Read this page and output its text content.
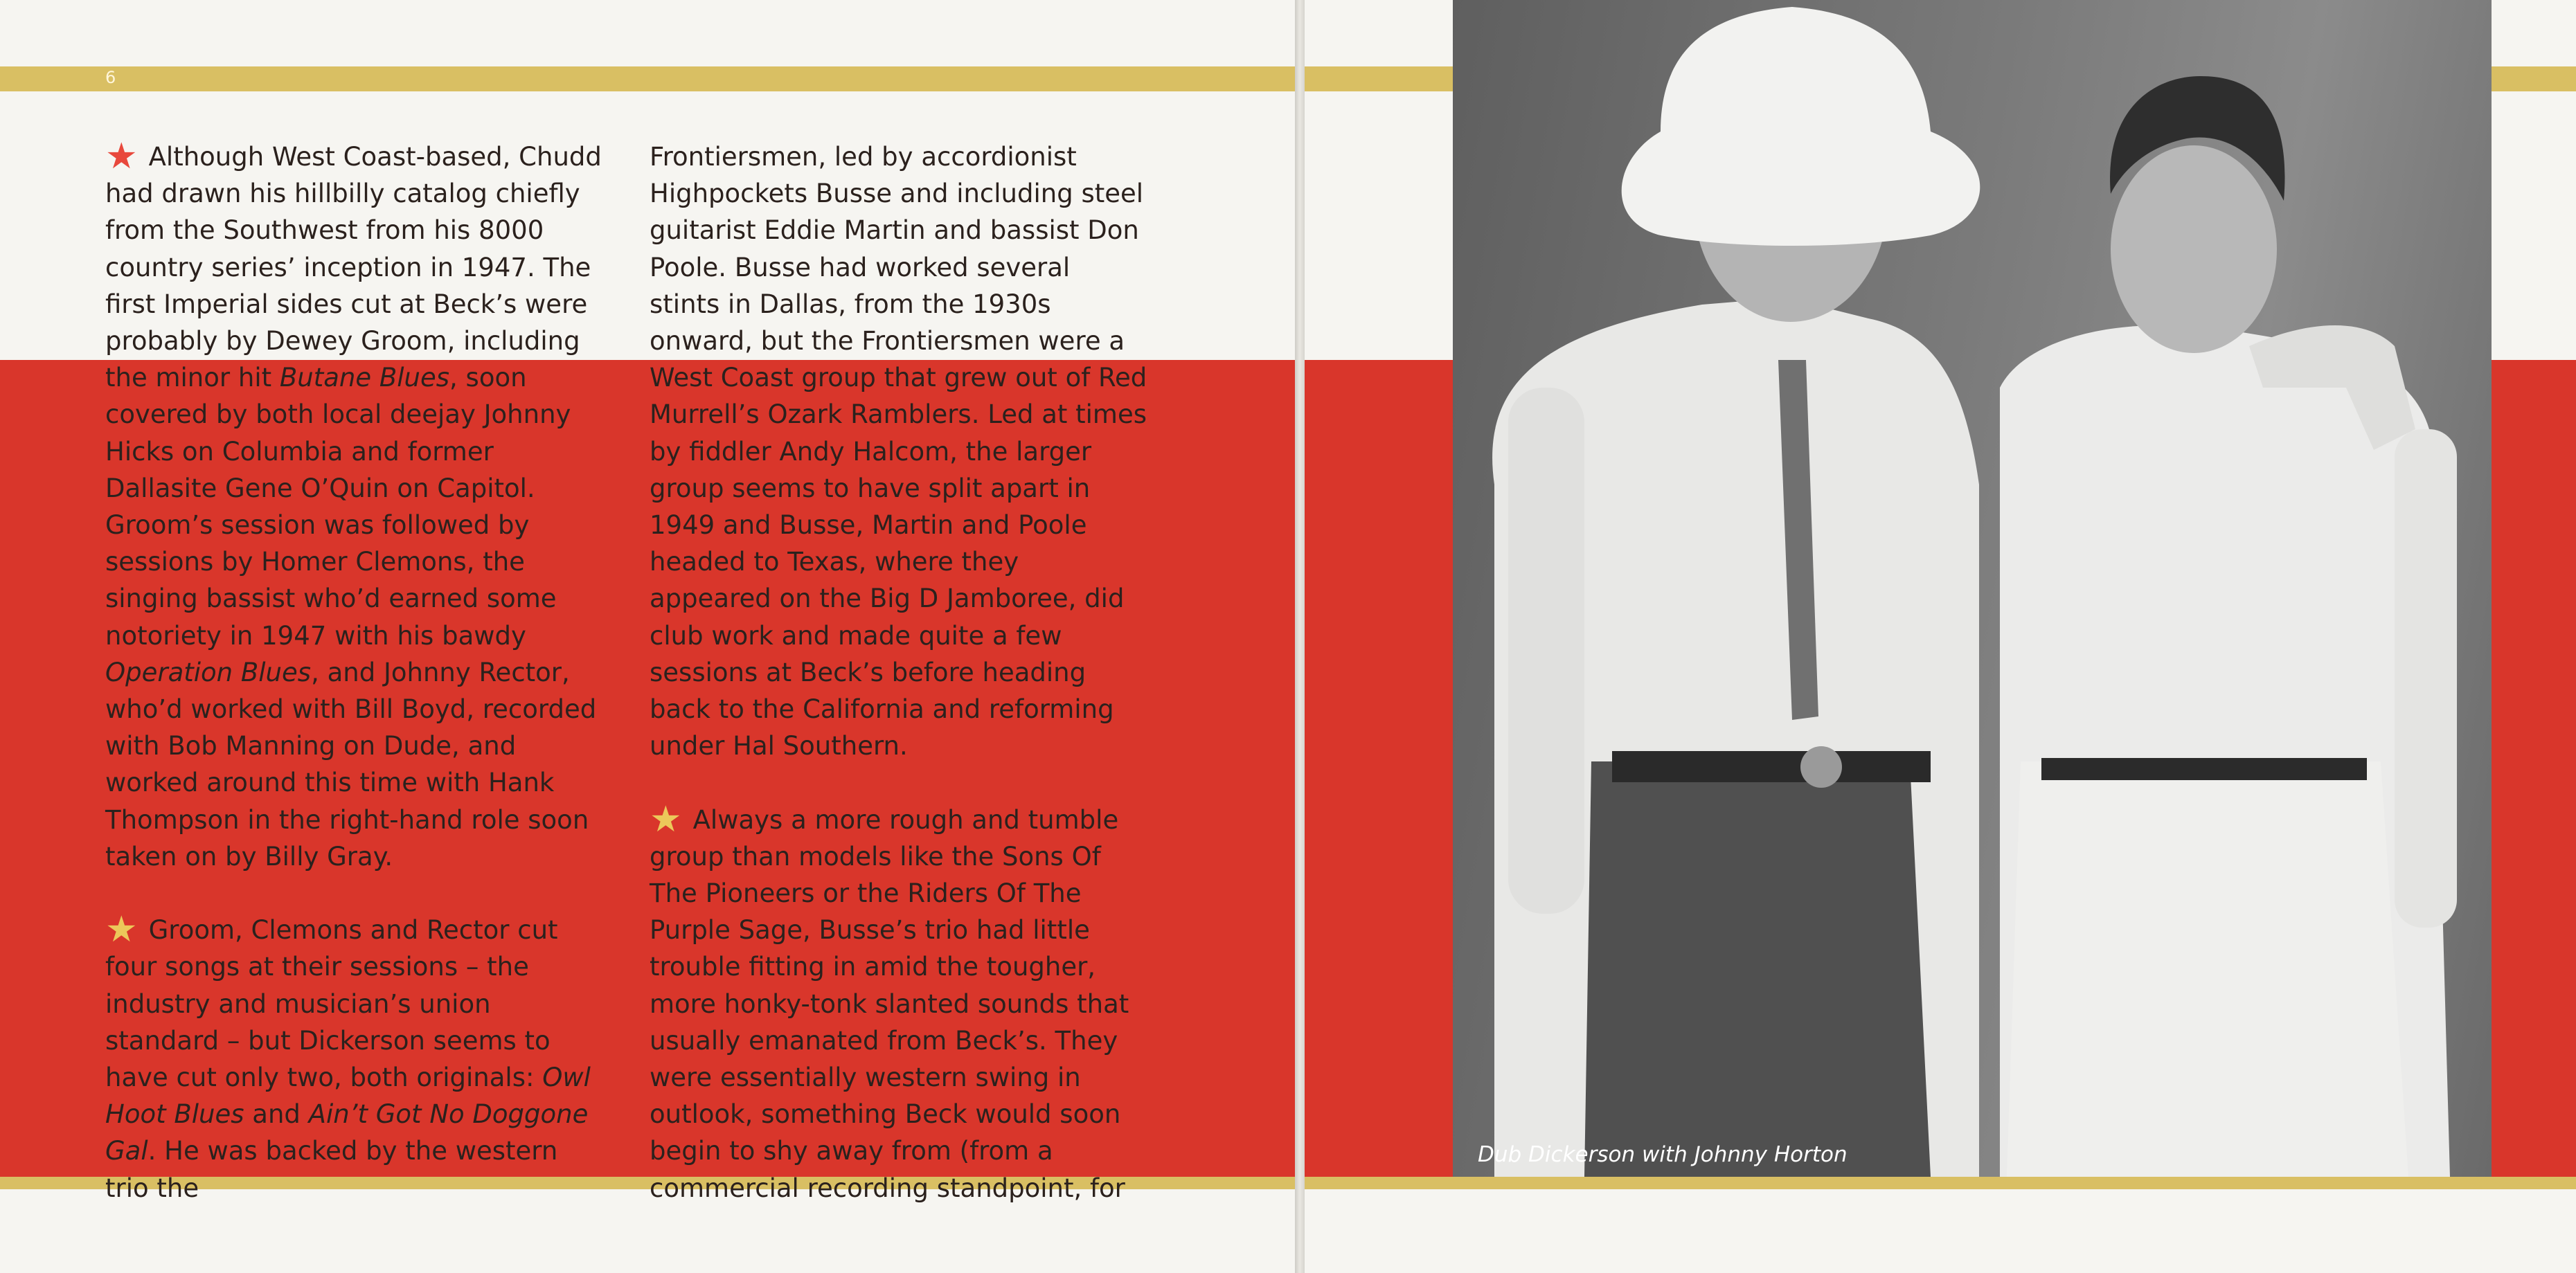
6

★ Although West Coast-based, Chudd had drawn his hillbilly catalog chiefly from the Southwest from his 8000 country series’ inception in 1947. The first Imperial sides cut at Beck’s were probably by Dewey Groom, including the minor hit Butane Blues, soon covered by both local deejay Johnny Hicks on Columbia and former Dallasite Gene O’Quin on Capitol. Groom’s session was followed by sessions by Homer Clemons, the singing bassist who’d earned some notoriety in 1947 with his bawdy Operation Blues, and Johnny Rector, who’d worked with Bill Boyd, recorded with Bob Manning on Dude, and worked around this time with Hank Thompson in the right-hand role soon taken on by Billy Gray.

★ Groom, Clemons and Rector cut four songs at their sessions – the industry and musician’s union standard – but Dickerson seems to have cut only two, both originals: Owl Hoot Blues and Ain’t Got No Doggone Gal. He was backed by the western trio the

Frontiersmen, led by accordionist Highpockets Busse and including steel guitarist Eddie Martin and bassist Don Poole. Busse had worked several stints in Dallas, from the 1930s onward, but the Frontiersmen were a West Coast group that grew out of Red Murrell’s Ozark Ramblers. Led at times by fiddler Andy Halcom, the larger group seems to have split apart in 1949 and Busse, Martin and Poole headed to Texas, where they appeared on the Big D Jamboree, did club work and made quite a few sessions at Beck’s before heading back to the California and reforming under Hal Southern.

★ Always a more rough and tumble group than models like the Sons Of The Pioneers or the Riders Of The Purple Sage, Busse’s trio had little trouble fitting in amid the tougher, more honky-tonk slanted sounds that usually emanated from Beck’s. They were essentially western swing in outlook, something Beck would soon begin to shy away from (from a commercial recording standpoint, for

Dub Dickerson with Johnny Horton
